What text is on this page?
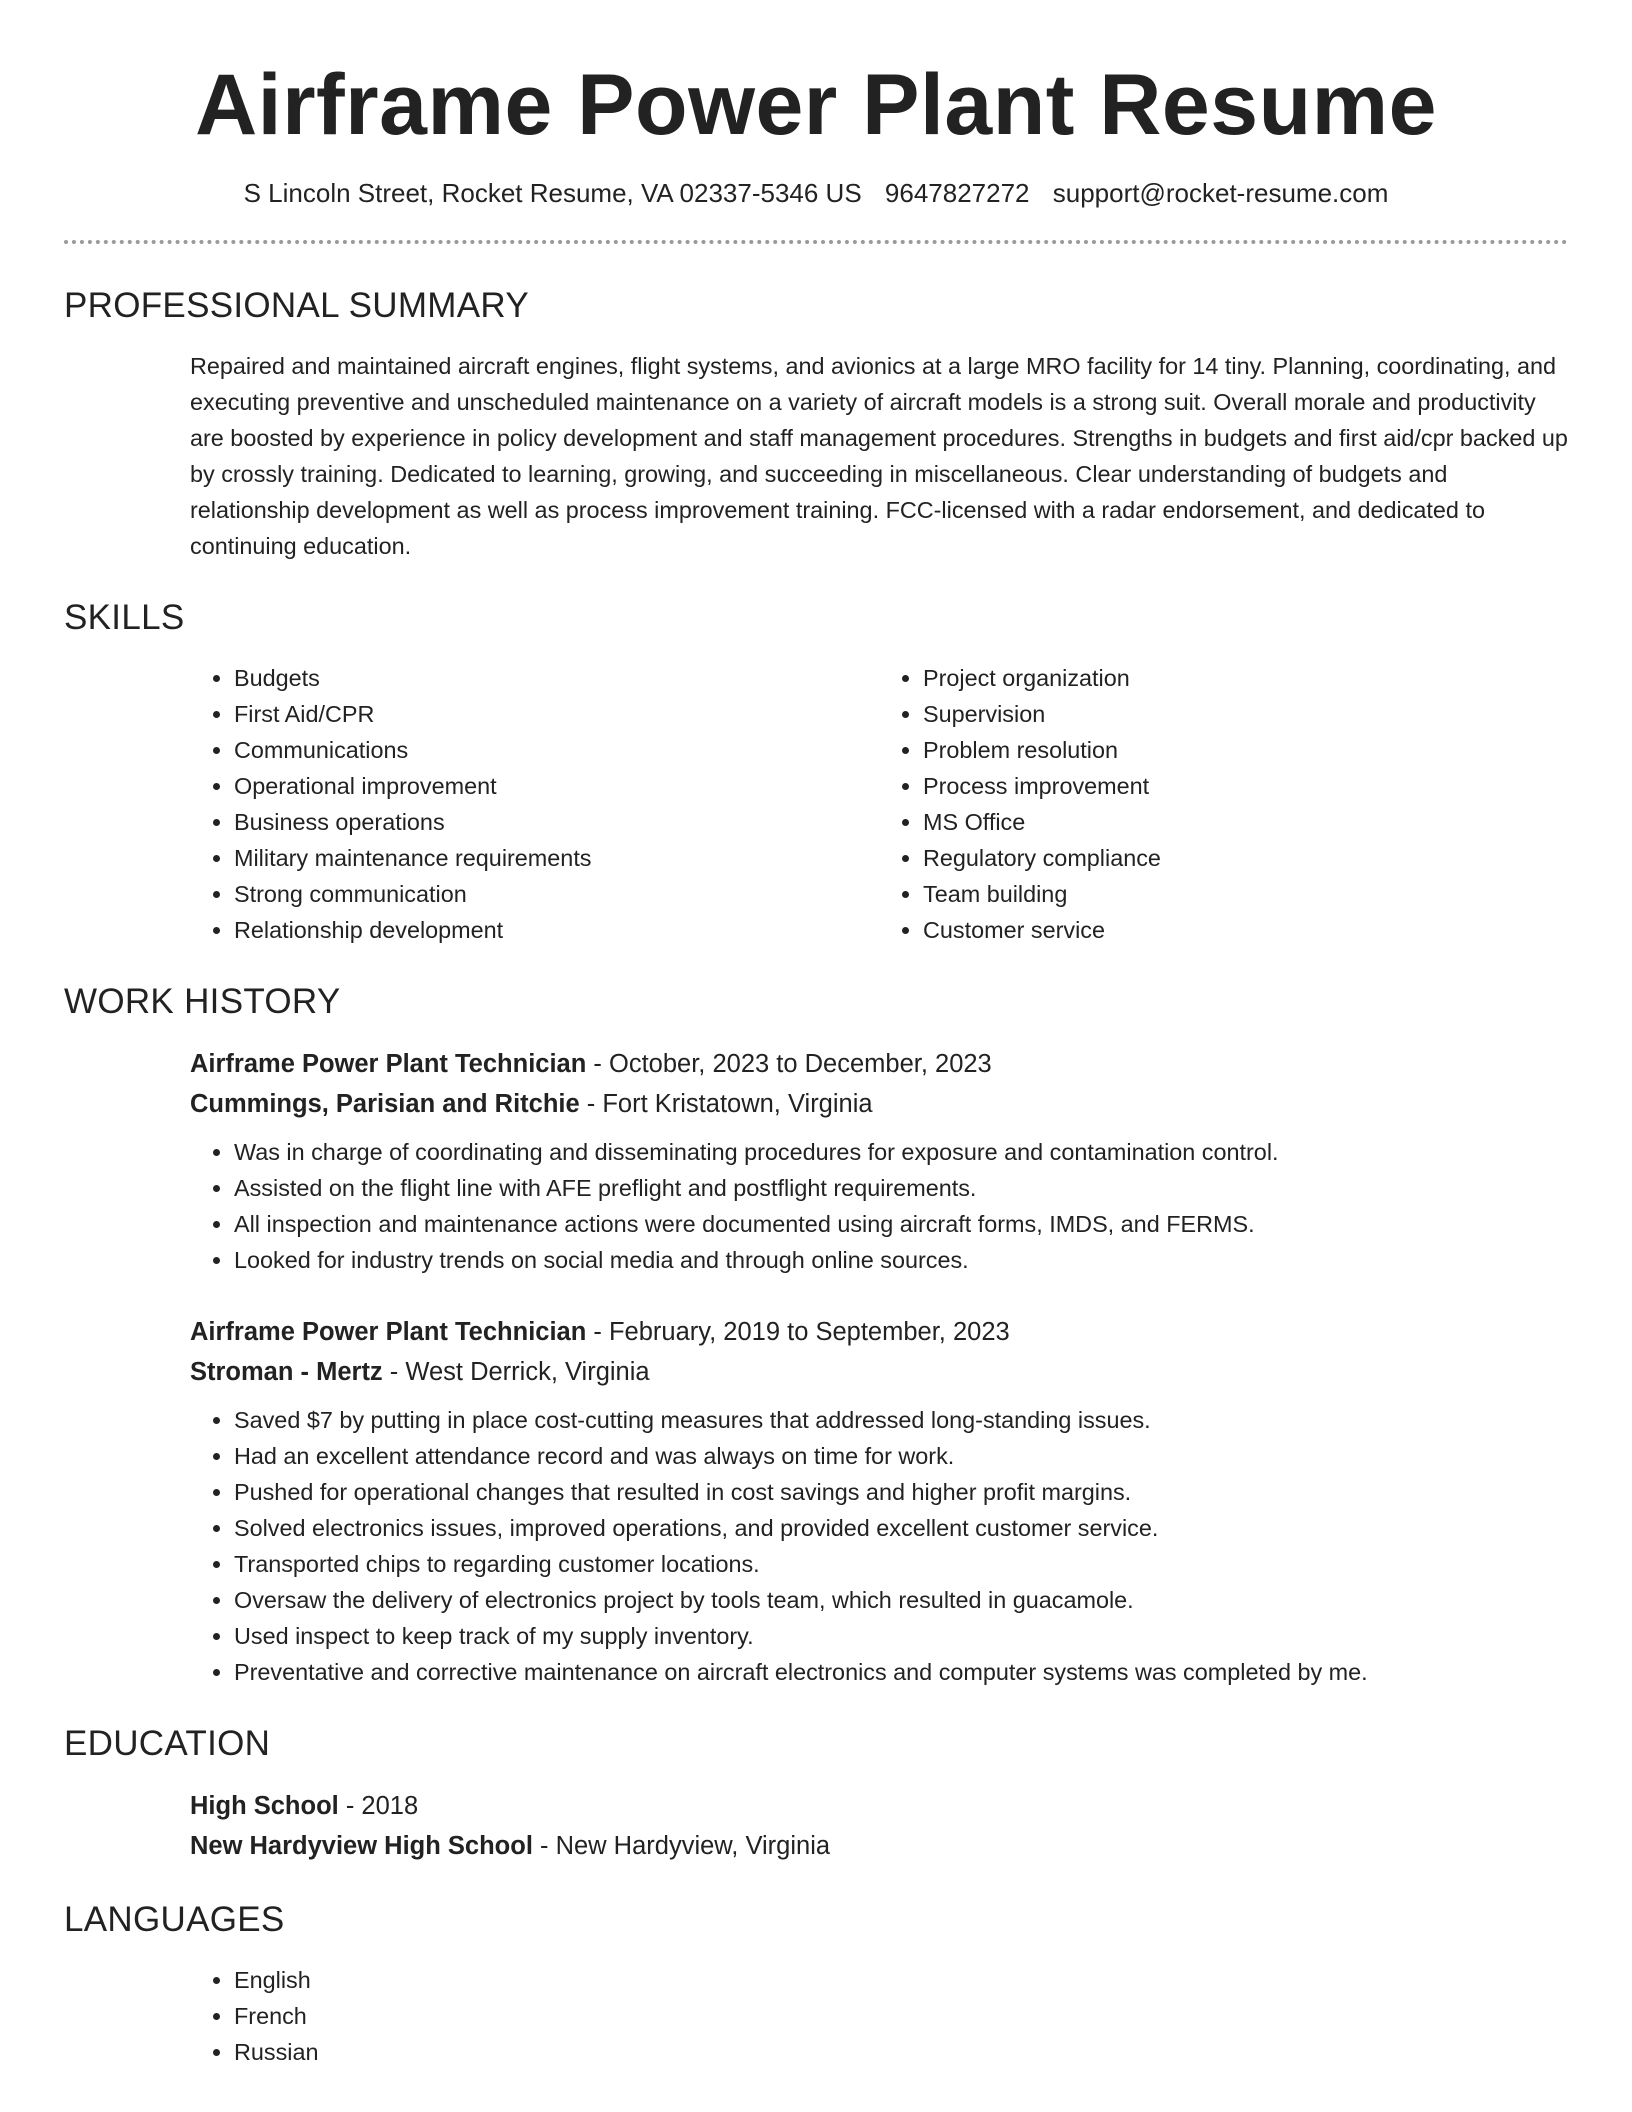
Airframe Power Plant Resume
S Lincoln Street, Rocket Resume, VA 02337-5346 US 9647827272 support@rocket-resume.com
PROFESSIONAL SUMMARY
Repaired and maintained aircraft engines, flight systems, and avionics at a large MRO facility for 14 tiny. Planning, coordinating, and executing preventive and unscheduled maintenance on a variety of aircraft models is a strong suit. Overall morale and productivity are boosted by experience in policy development and staff management procedures. Strengths in budgets and first aid/cpr backed up by crossly training. Dedicated to learning, growing, and succeeding in miscellaneous. Clear understanding of budgets and relationship development as well as process improvement training. FCC-licensed with a radar endorsement, and dedicated to continuing education.
SKILLS
• Budgets
• First Aid/CPR
• Communications
• Operational improvement
• Business operations
• Military maintenance requirements
• Strong communication
• Relationship development
• Project organization
• Supervision
• Problem resolution
• Process improvement
• MS Office
• Regulatory compliance
• Team building
• Customer service
WORK HISTORY
Airframe Power Plant Technician - October, 2023 to December, 2023
Cummings, Parisian and Ritchie - Fort Kristatown, Virginia
• Was in charge of coordinating and disseminating procedures for exposure and contamination control.
• Assisted on the flight line with AFE preflight and postflight requirements.
• All inspection and maintenance actions were documented using aircraft forms, IMDS, and FERMS.
• Looked for industry trends on social media and through online sources.
Airframe Power Plant Technician - February, 2019 to September, 2023
Stroman - Mertz - West Derrick, Virginia
• Saved $7 by putting in place cost-cutting measures that addressed long-standing issues.
• Had an excellent attendance record and was always on time for work.
• Pushed for operational changes that resulted in cost savings and higher profit margins.
• Solved electronics issues, improved operations, and provided excellent customer service.
• Transported chips to regarding customer locations.
• Oversaw the delivery of electronics project by tools team, which resulted in guacamole.
• Used inspect to keep track of my supply inventory.
• Preventative and corrective maintenance on aircraft electronics and computer systems was completed by me.
EDUCATION
High School - 2018
New Hardyview High School - New Hardyview, Virginia
LANGUAGES
• English
• French
• Russian
